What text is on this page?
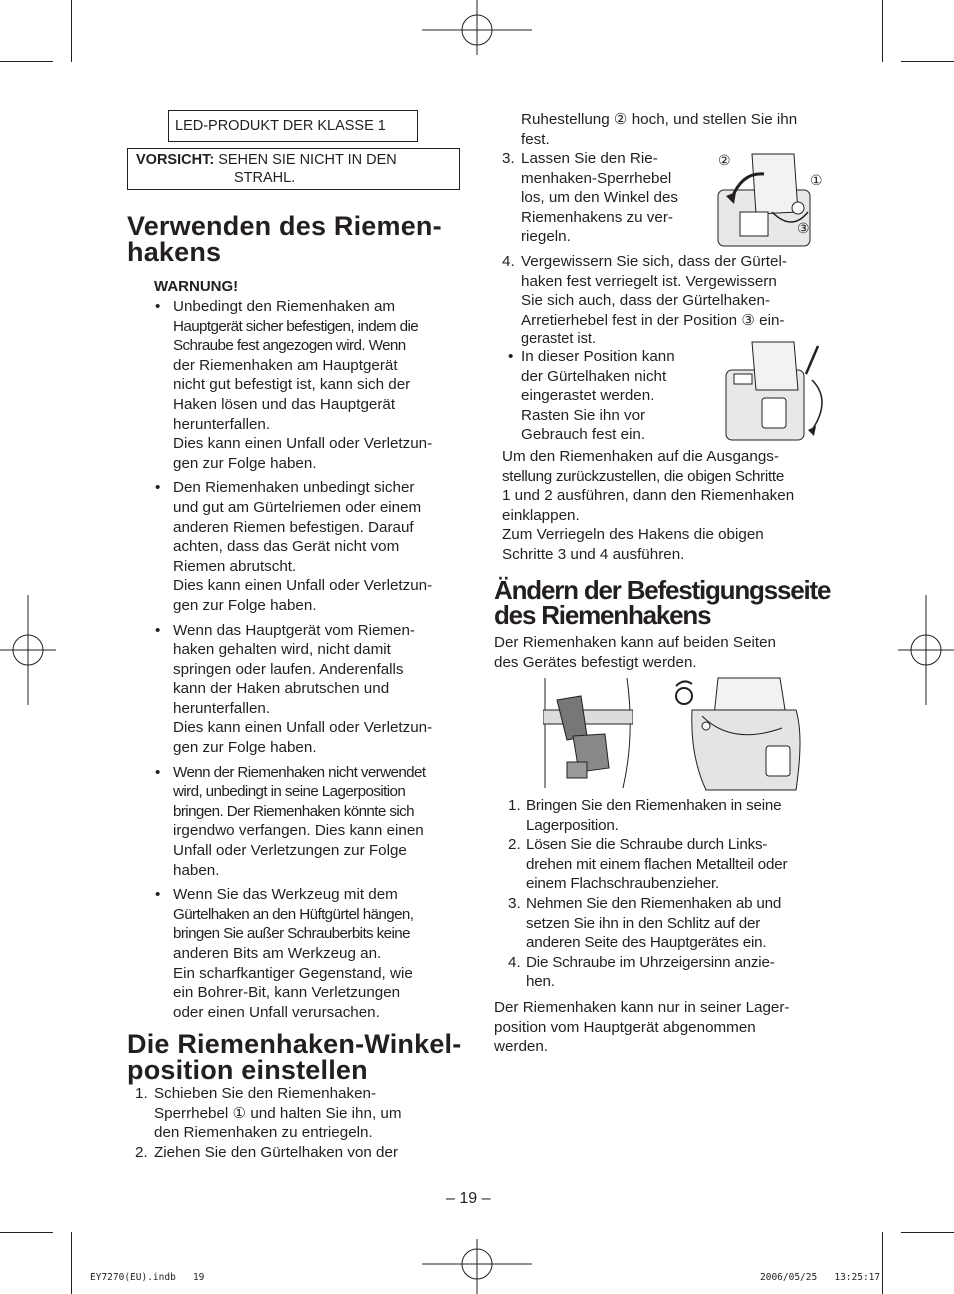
LED-PRODUKT DER KLASSE 1
VORSICHT: SEHEN SIE NICHT IN DEN
STRAHL.
Verwenden des Riemen-
hakens
WARNUNG!
• Unbedingt den Riemenhaken am
Hauptgerät sicher befestigen, indem die
Schraube fest angezogen wird. Wenn
der Riemenhaken am Hauptgerät
nicht gut befestigt ist, kann sich der
Haken lösen und das Hauptgerät
herunterfallen.
Dies kann einen Unfall oder Verletzun-
gen zur Folge haben.
• Den Riemenhaken unbedingt sicher
und gut am Gürtelriemen oder einem
anderen Riemen befestigen. Darauf
achten, dass das Gerät nicht vom
Riemen abrutscht.
Dies kann einen Unfall oder Verletzun-
gen zur Folge haben.
• Wenn das Hauptgerät vom Riemen-
haken gehalten wird, nicht damit
springen oder laufen. Anderenfalls
kann der Haken abrutschen und
herunterfallen.
Dies kann einen Unfall oder Verletzun-
gen zur Folge haben.
• Wenn der Riemenhaken nicht verwendet
wird, unbedingt in seine Lagerposition
bringen. Der Riemenhaken könnte sich
irgendwo verfangen. Dies kann einen
Unfall oder Verletzungen zur Folge
haben.
• Wenn Sie das Werkzeug mit dem
Gürtelhaken an den Hüftgürtel hängen,
bringen Sie außer Schrauberbits keine
anderen Bits am Werkzeug an.
Ein scharfkantiger Gegenstand, wie
ein Bohrer-Bit, kann Verletzungen
oder einen Unfall verursachen.
Die Riemenhaken-Winkel-
position einstellen
1. Schieben Sie den Riemenhaken-
Sperrhebel ① und halten Sie ihn, um
den Riemenhaken zu entriegeln.
2. Ziehen Sie den Gürtelhaken von der
Ruhestellung ② hoch, und stellen Sie ihn
fest.
3. Lassen Sie den Rie-
menhaken-Sperrhebel
los, um den Winkel des
Riemenhakens zu ver-
riegeln.
②
①
③
4. Vergewissern Sie sich, dass der Gürtel-
haken fest verriegelt ist. Vergewissern
Sie sich auch, dass der Gürtelhaken-
Arretierhebel fest in der Position ③ ein-
gerastet ist.
• In dieser Position kann
der Gürtelhaken nicht
eingerastet werden.
Rasten Sie ihn vor
Gebrauch fest ein.
Um den Riemenhaken auf die Ausgangs-
stellung zurückzustellen, die obigen Schritte
1 und 2 ausführen, dann den Riemenhaken
einklappen.
Zum Verriegeln des Hakens die obigen
Schritte 3 und 4 ausführen.
Ändern der Befestigungsseite
des Riemenhakens
Der Riemenhaken kann auf beiden Seiten
des Gerätes befestigt werden.
1. Bringen Sie den Riemenhaken in seine
Lagerposition.
2. Lösen Sie die Schraube durch Links-
drehen mit einem flachen Metallteil oder
einem Flachschraubenzieher.
3. Nehmen Sie den Riemenhaken ab und
setzen Sie ihn in den Schlitz auf der
anderen Seite des Hauptgerätes ein.
4. Die Schraube im Uhrzeigersinn anzie-
hen.
Der Riemenhaken kann nur in seiner Lager-
position vom Hauptgerät abgenommen
werden.
– 19 –
EY7270(EU).indb   19	2006/05/25   13:25:17
